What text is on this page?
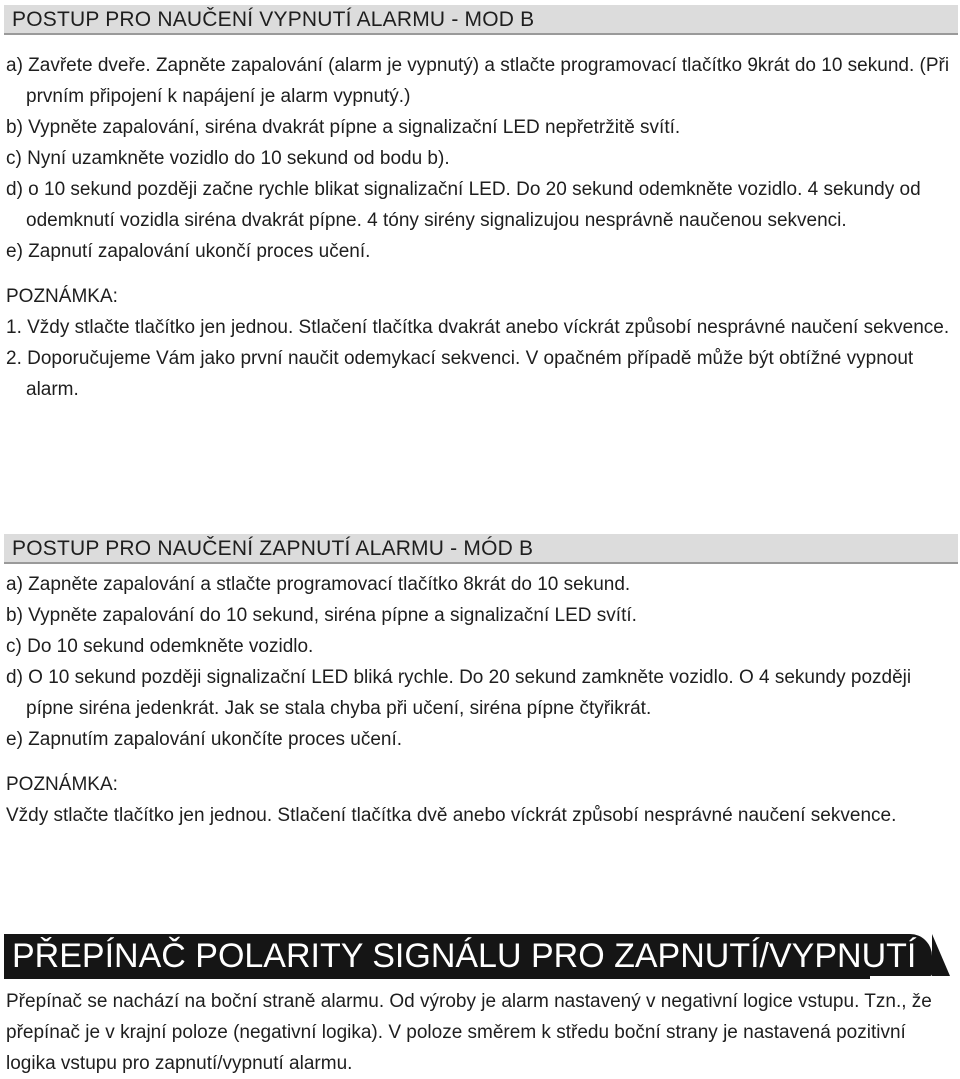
POSTUP PRO NAUČENÍ VYPNUTÍ ALARMU - MOD B

a) Zavřete dveře. Zapněte zapalování (alarm je vypnutý) a stlačte programovací tlačítko 9krát do 10 sekund. (Při prvním připojení k napájení je alarm vypnutý.)

b) Vypněte zapalování, siréna dvakrát pípne a signalizační LED nepřetržitě svítí.

c) Nyní uzamkněte vozidlo do 10 sekund od bodu b).

d) o 10 sekund později začne rychle blikat signalizační LED. Do 20 sekund odemkněte vozidlo. 4 sekundy od odemknutí vozidla siréna dvakrát pípne. 4 tóny sirény signalizujou nesprávně naučenou sekvenci.

e) Zapnutí zapalování ukončí proces učení.

POZNÁMKA:

1. Vždy stlačte tlačítko jen jednou. Stlačení tlačítka dvakrát anebo víckrát způsobí nesprávné naučení sekvence.

2. Doporučujeme Vám jako první naučit odemykací sekvenci. V opačném případě může být obtížné vypnout alarm.

POSTUP PRO NAUČENÍ ZAPNUTÍ ALARMU - MÓD B

a) Zapněte zapalování a stlačte programovací tlačítko 8krát do 10 sekund.

b) Vypněte zapalování do 10 sekund, siréna pípne a signalizační LED svítí.

c) Do 10 sekund odemkněte vozidlo.

d) O 10 sekund později signalizační LED bliká rychle. Do 20 sekund zamkněte vozidlo. O 4 sekundy později pípne siréna jedenkrát. Jak se stala chyba při učení, siréna pípne čtyřikrát.

e) Zapnutím zapalování ukončíte proces učení.

POZNÁMKA:

Vždy stlačte tlačítko jen jednou. Stlačení tlačítka dvě anebo víckrát způsobí nesprávné naučení sekvence.

PŘEPÍNAČ POLARITY SIGNÁLU PRO ZAPNUTÍ/VYPNUTÍ

Přepínač se nachází na boční straně alarmu. Od výroby je alarm nastavený v negativní logice vstupu. Tzn., že přepínač je v krajní poloze (negativní logika). V poloze směrem k středu boční strany je nastavená pozitivní logika vstupu pro zapnutí/vypnutí alarmu.
